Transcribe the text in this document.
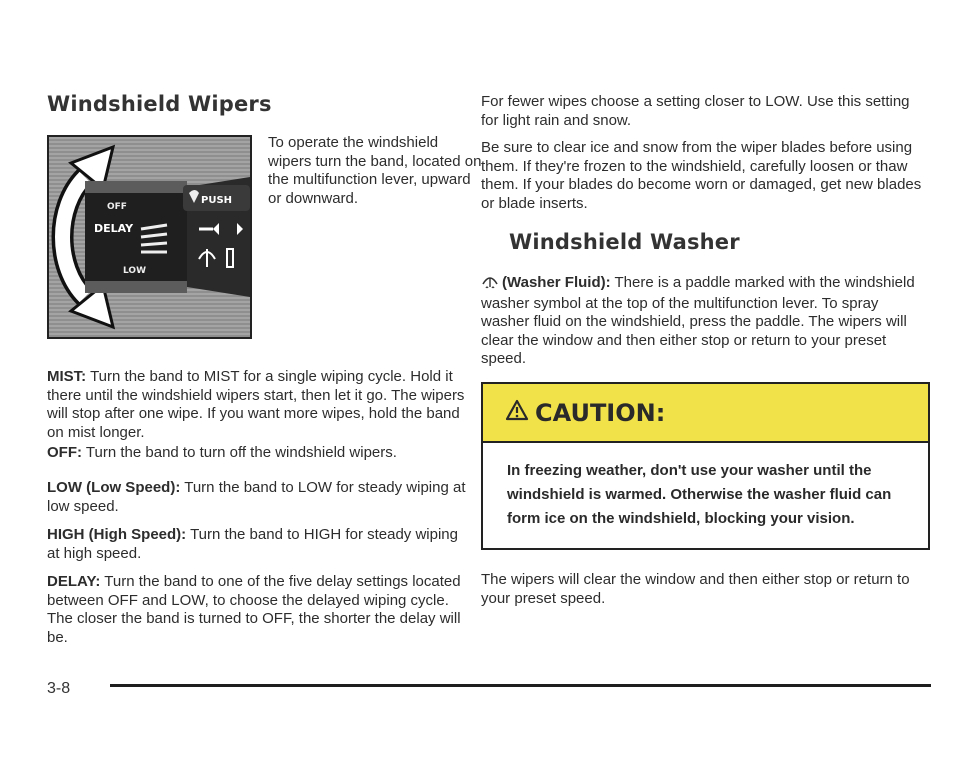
Windshield Wipers
OFF
DELAY
LOW
PUSH

To operate the windshield wipers turn the band, located on the multifunction lever, upward or downward.

MIST: Turn the band to MIST for a single wiping cycle. Hold it there until the windshield wipers start, then let it go. The wipers will stop after one wipe. If you want more wipes, hold the band on mist longer.

OFF: Turn the band to turn off the windshield wipers.

LOW (Low Speed): Turn the band to LOW for steady wiping at low speed.

HIGH (High Speed): Turn the band to HIGH for steady wiping at high speed.

DELAY: Turn the band to one of the five delay settings located between OFF and LOW, to choose the delayed wiping cycle. The closer the band is turned to OFF, the shorter the delay will be.

For fewer wipes choose a setting closer to LOW. Use this setting for light rain and snow.

Be sure to clear ice and snow from the wiper blades before using them. If they're frozen to the windshield, carefully loosen or thaw them. If your blades do become worn or damaged, get new blades or blade inserts.

Windshield Washer

(Washer Fluid): There is a paddle marked with the windshield washer symbol at the top of the multifunction lever. To spray washer fluid on the windshield, press the paddle. The wipers will clear the window and then either stop or return to your preset speed.

CAUTION:

In freezing weather, don't use your washer until the windshield is warmed. Otherwise the washer fluid can form ice on the windshield, blocking your vision.

The wipers will clear the window and then either stop or return to your preset speed.

3-8
